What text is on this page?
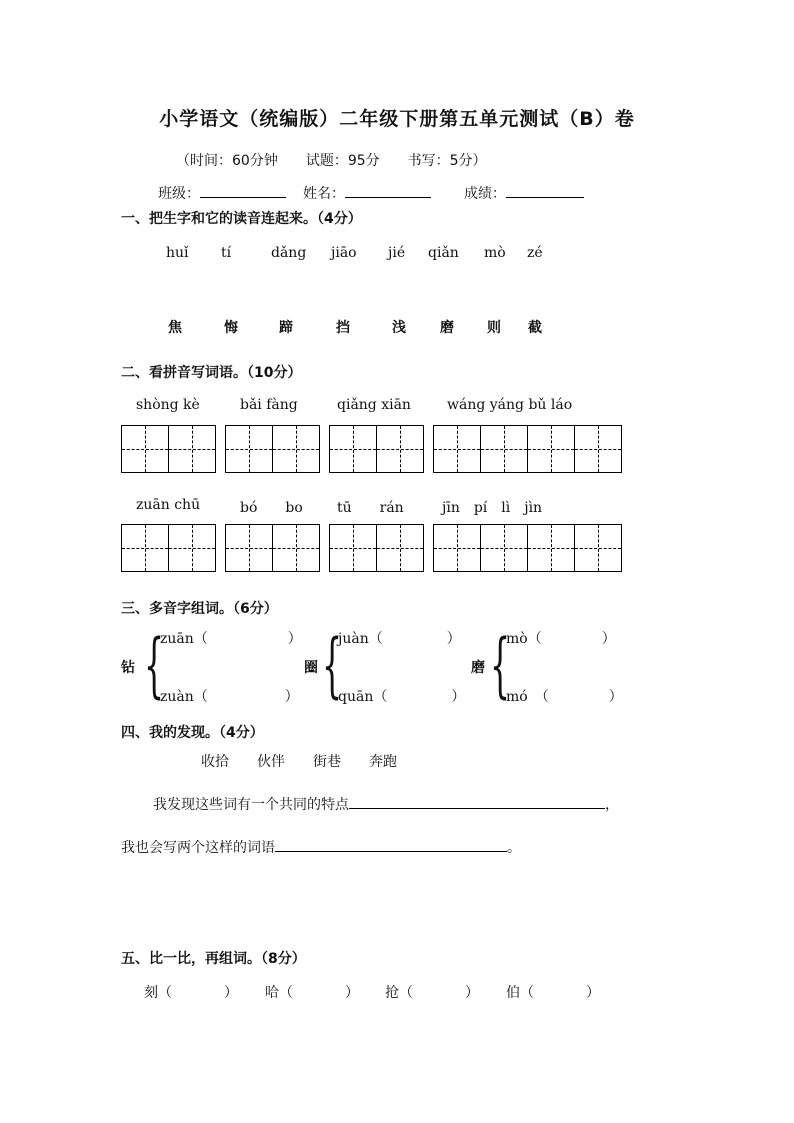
小学语文（统编版）二年级下册第五单元测试（B）卷
（时间：60分钟　　试题：95分　　书写：5分）
班级：	姓名：	成绩：
一、把生字和它的读音连起来。（4分）
huǐ tí	dǎng jiāo jié qiǎn mò zé
焦	悔	蹄	挡	浅 磨 则 截
二、看拼音写词语。（10分）
shòng kè	bǎi fàng	qiǎng xiān	wáng yáng bǔ láo
zuān chū	bó　　bo tū　　rán	jīn　pí　lì　jìn
三、多音字组词。（6分）
钻 {
zuān（	）
zuàn（	）
圈 {
juàn（	）
quān（	）
磨 {
mò（	）
mó　（	）
四、我的发现。（4分）
收拾 伙伴 街巷 奔跑
我发现这些词有一个共同的特点	，
我也会写两个这样的词语	。
五、比一比，再组词。（8分）
刻（	） 哈（	） 抢（	） 伯（	）
